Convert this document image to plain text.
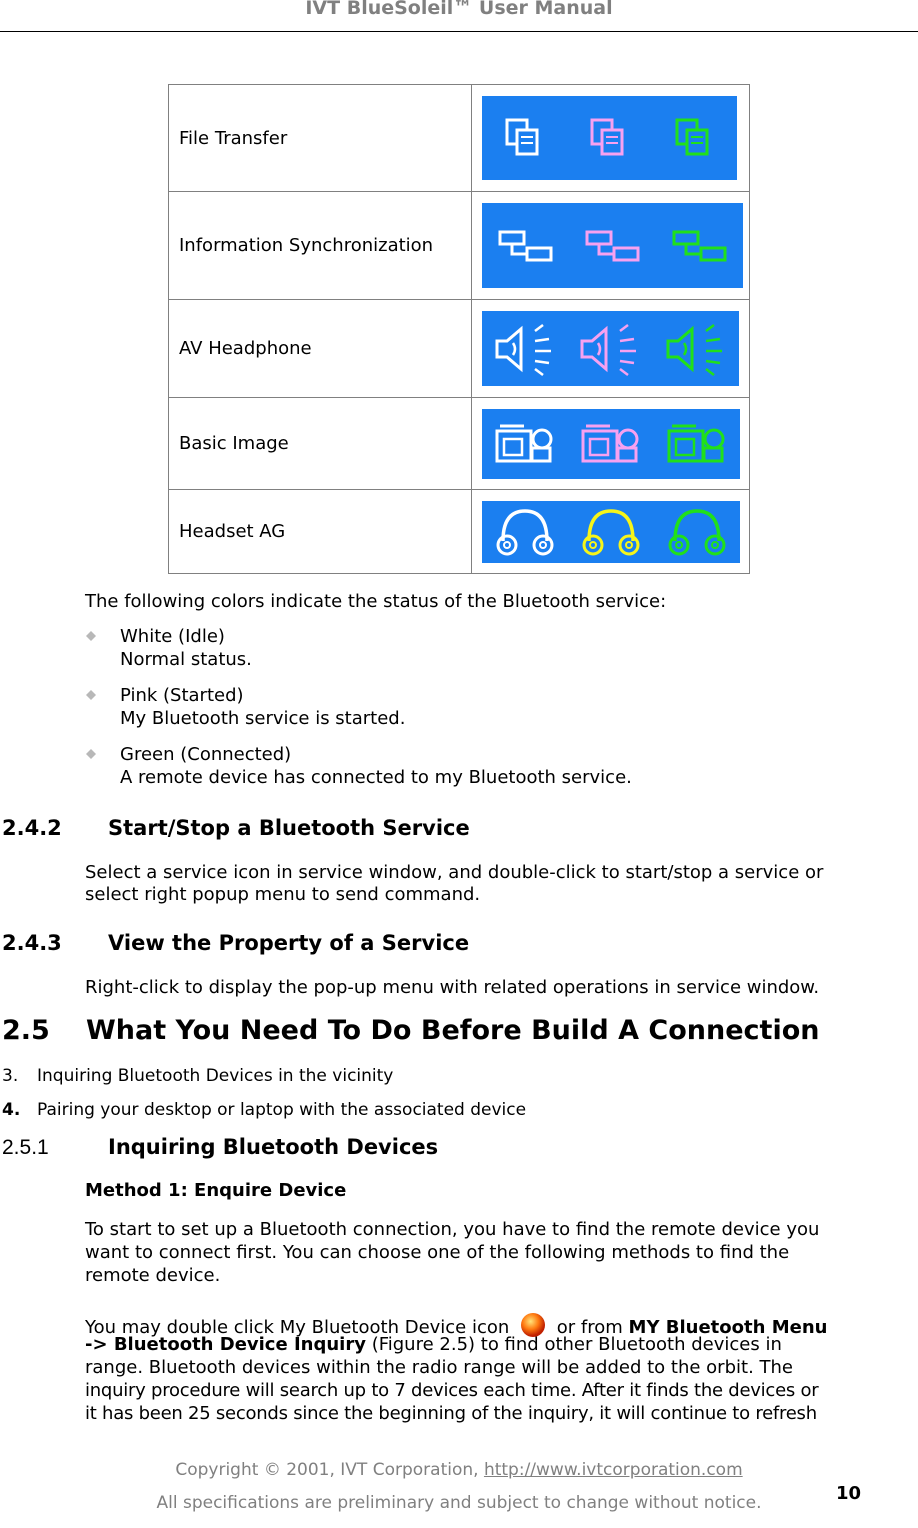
IVT BlueSoleil™ User Manual
File Transfer	

Information Synchronization	

AV Headphone	

Basic Image	

Headset AG	
The following colors indicate the status of the Bluetooth service:
White (Idle)
Normal status.
Pink (Started)
My Bluetooth service is started.
Green (Connected)
A remote device has connected to my Bluetooth service.
2.4.2 Start/Stop a Bluetooth Service
Select a service icon in service window, and double-click to start/stop a service or
select right popup menu to send command.
2.4.3 View the Property of a Service
Right-click to display the pop-up menu with related operations in service window.
2.5 What You Need To Do Before Build A Connection
3. Inquiring Bluetooth Devices in the vicinity
4. Pairing your desktop or laptop with the associated device
2.5.1	Inquiring Bluetooth Devices
Method 1: Enquire Device
To start to set up a Bluetooth connection, you have to find the remote device you
want to connect first. You can choose one of the following methods to find the
remote device.
You may double click My Bluetooth Device icon	or from MY Bluetooth Menu
-> Bluetooth Device Inquiry (Figure 2.5) to find other Bluetooth devices in
range. Bluetooth devices within the radio range will be added to the orbit. The
inquiry procedure will search up to 7 devices each time. After it finds the devices or
it has been 25 seconds since the beginning of the inquiry, it will continue to refresh
Copyright © 2001, IVT Corporation, http://www.ivtcorporation.com
10
All specifications are preliminary and subject to change without notice.
